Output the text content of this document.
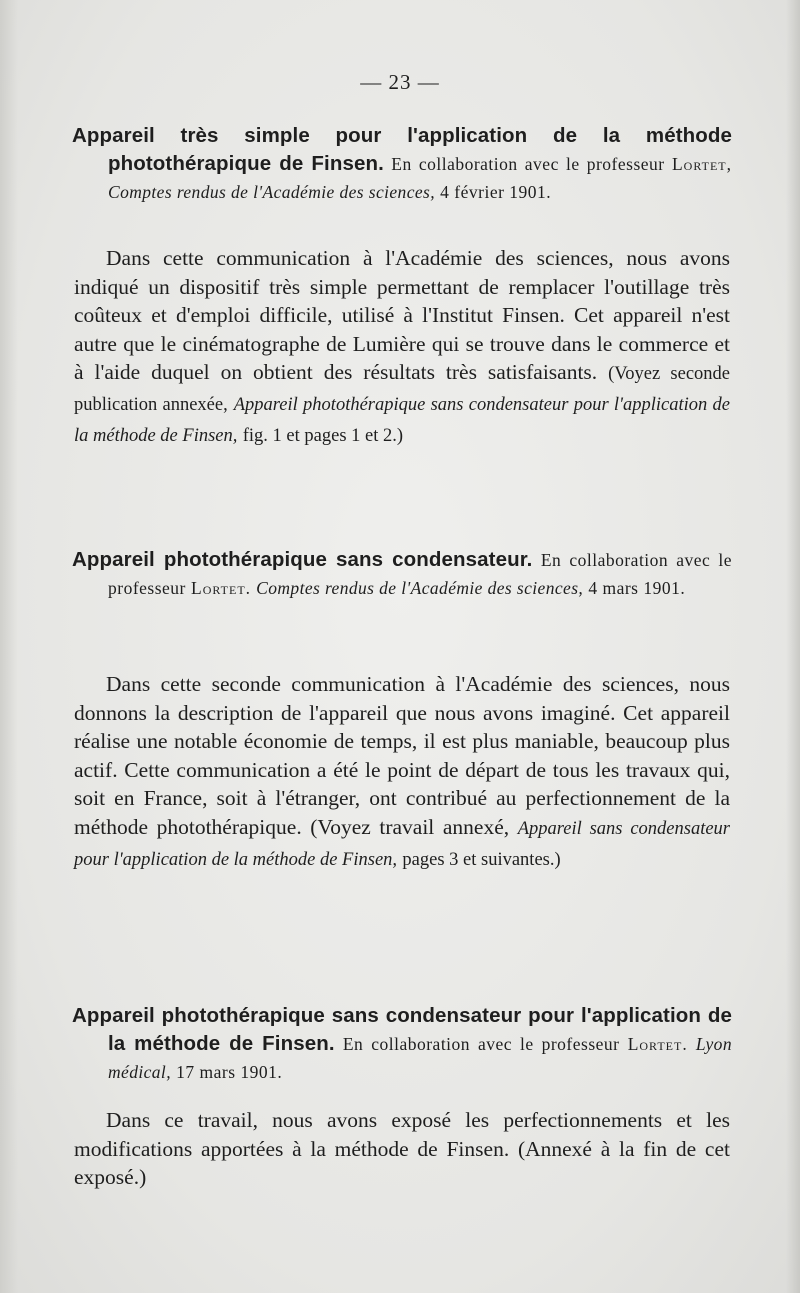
— 23 —

Appareil très simple pour l'application de la méthode photothérapique de Finsen. En collaboration avec le professeur Lortet, Comptes rendus de l'Académie des sciences, 4 février 1901.

Dans cette communication à l'Académie des sciences, nous avons indiqué un dispositif très simple permettant de remplacer l'outillage très coûteux et d'emploi difficile, utilisé à l'Institut Finsen. Cet appareil n'est autre que le cinématographe de Lumière qui se trouve dans le commerce et à l'aide duquel on obtient des résultats très satisfaisants. (Voyez seconde publication annexée, Appareil photothérapique sans condensateur pour l'application de la méthode de Finsen, fig. 1 et pages 1 et 2.)

Appareil photothérapique sans condensateur. En collaboration avec le professeur Lortet. Comptes rendus de l'Académie des sciences, 4 mars 1901.

Dans cette seconde communication à l'Académie des sciences, nous donnons la description de l'appareil que nous avons imaginé. Cet appareil réalise une notable économie de temps, il est plus maniable, beaucoup plus actif. Cette communication a été le point de départ de tous les travaux qui, soit en France, soit à l'étranger, ont contribué au perfectionnement de la méthode photothérapique. (Voyez travail annexé, Appareil sans condensateur pour l'application de la méthode de Finsen, pages 3 et suivantes.)

Appareil photothérapique sans condensateur pour l'application de la méthode de Finsen. En collaboration avec le professeur Lortet. Lyon médical, 17 mars 1901.

Dans ce travail, nous avons exposé les perfectionnements et les modifications apportées à la méthode de Finsen. (Annexé à la fin de cet exposé.)
